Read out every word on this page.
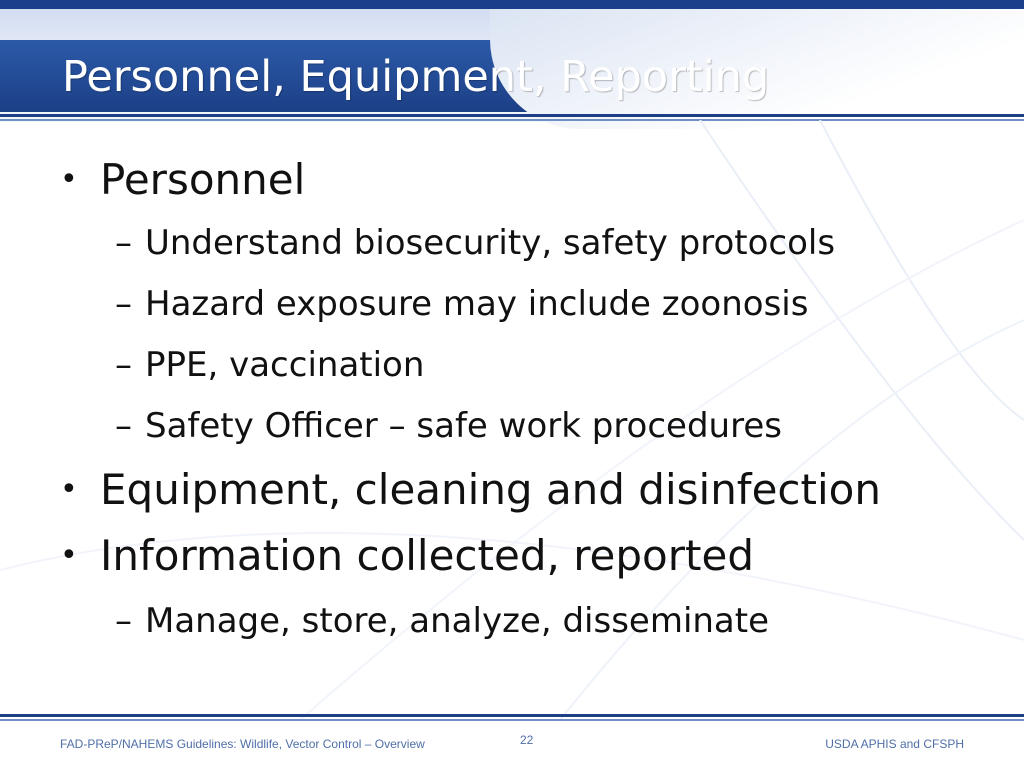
Personnel, Equipment, Reporting
• Personnel
– Understand biosecurity, safety protocols
– Hazard exposure may include zoonosis
– PPE, vaccination
– Safety Officer – safe work procedures
• Equipment, cleaning and disinfection
• Information collected, reported
– Manage, store, analyze, disseminate
FAD-PReP/NAHEMS Guidelines: Wildlife, Vector Control – Overview	22	USDA APHIS and CFSPH
